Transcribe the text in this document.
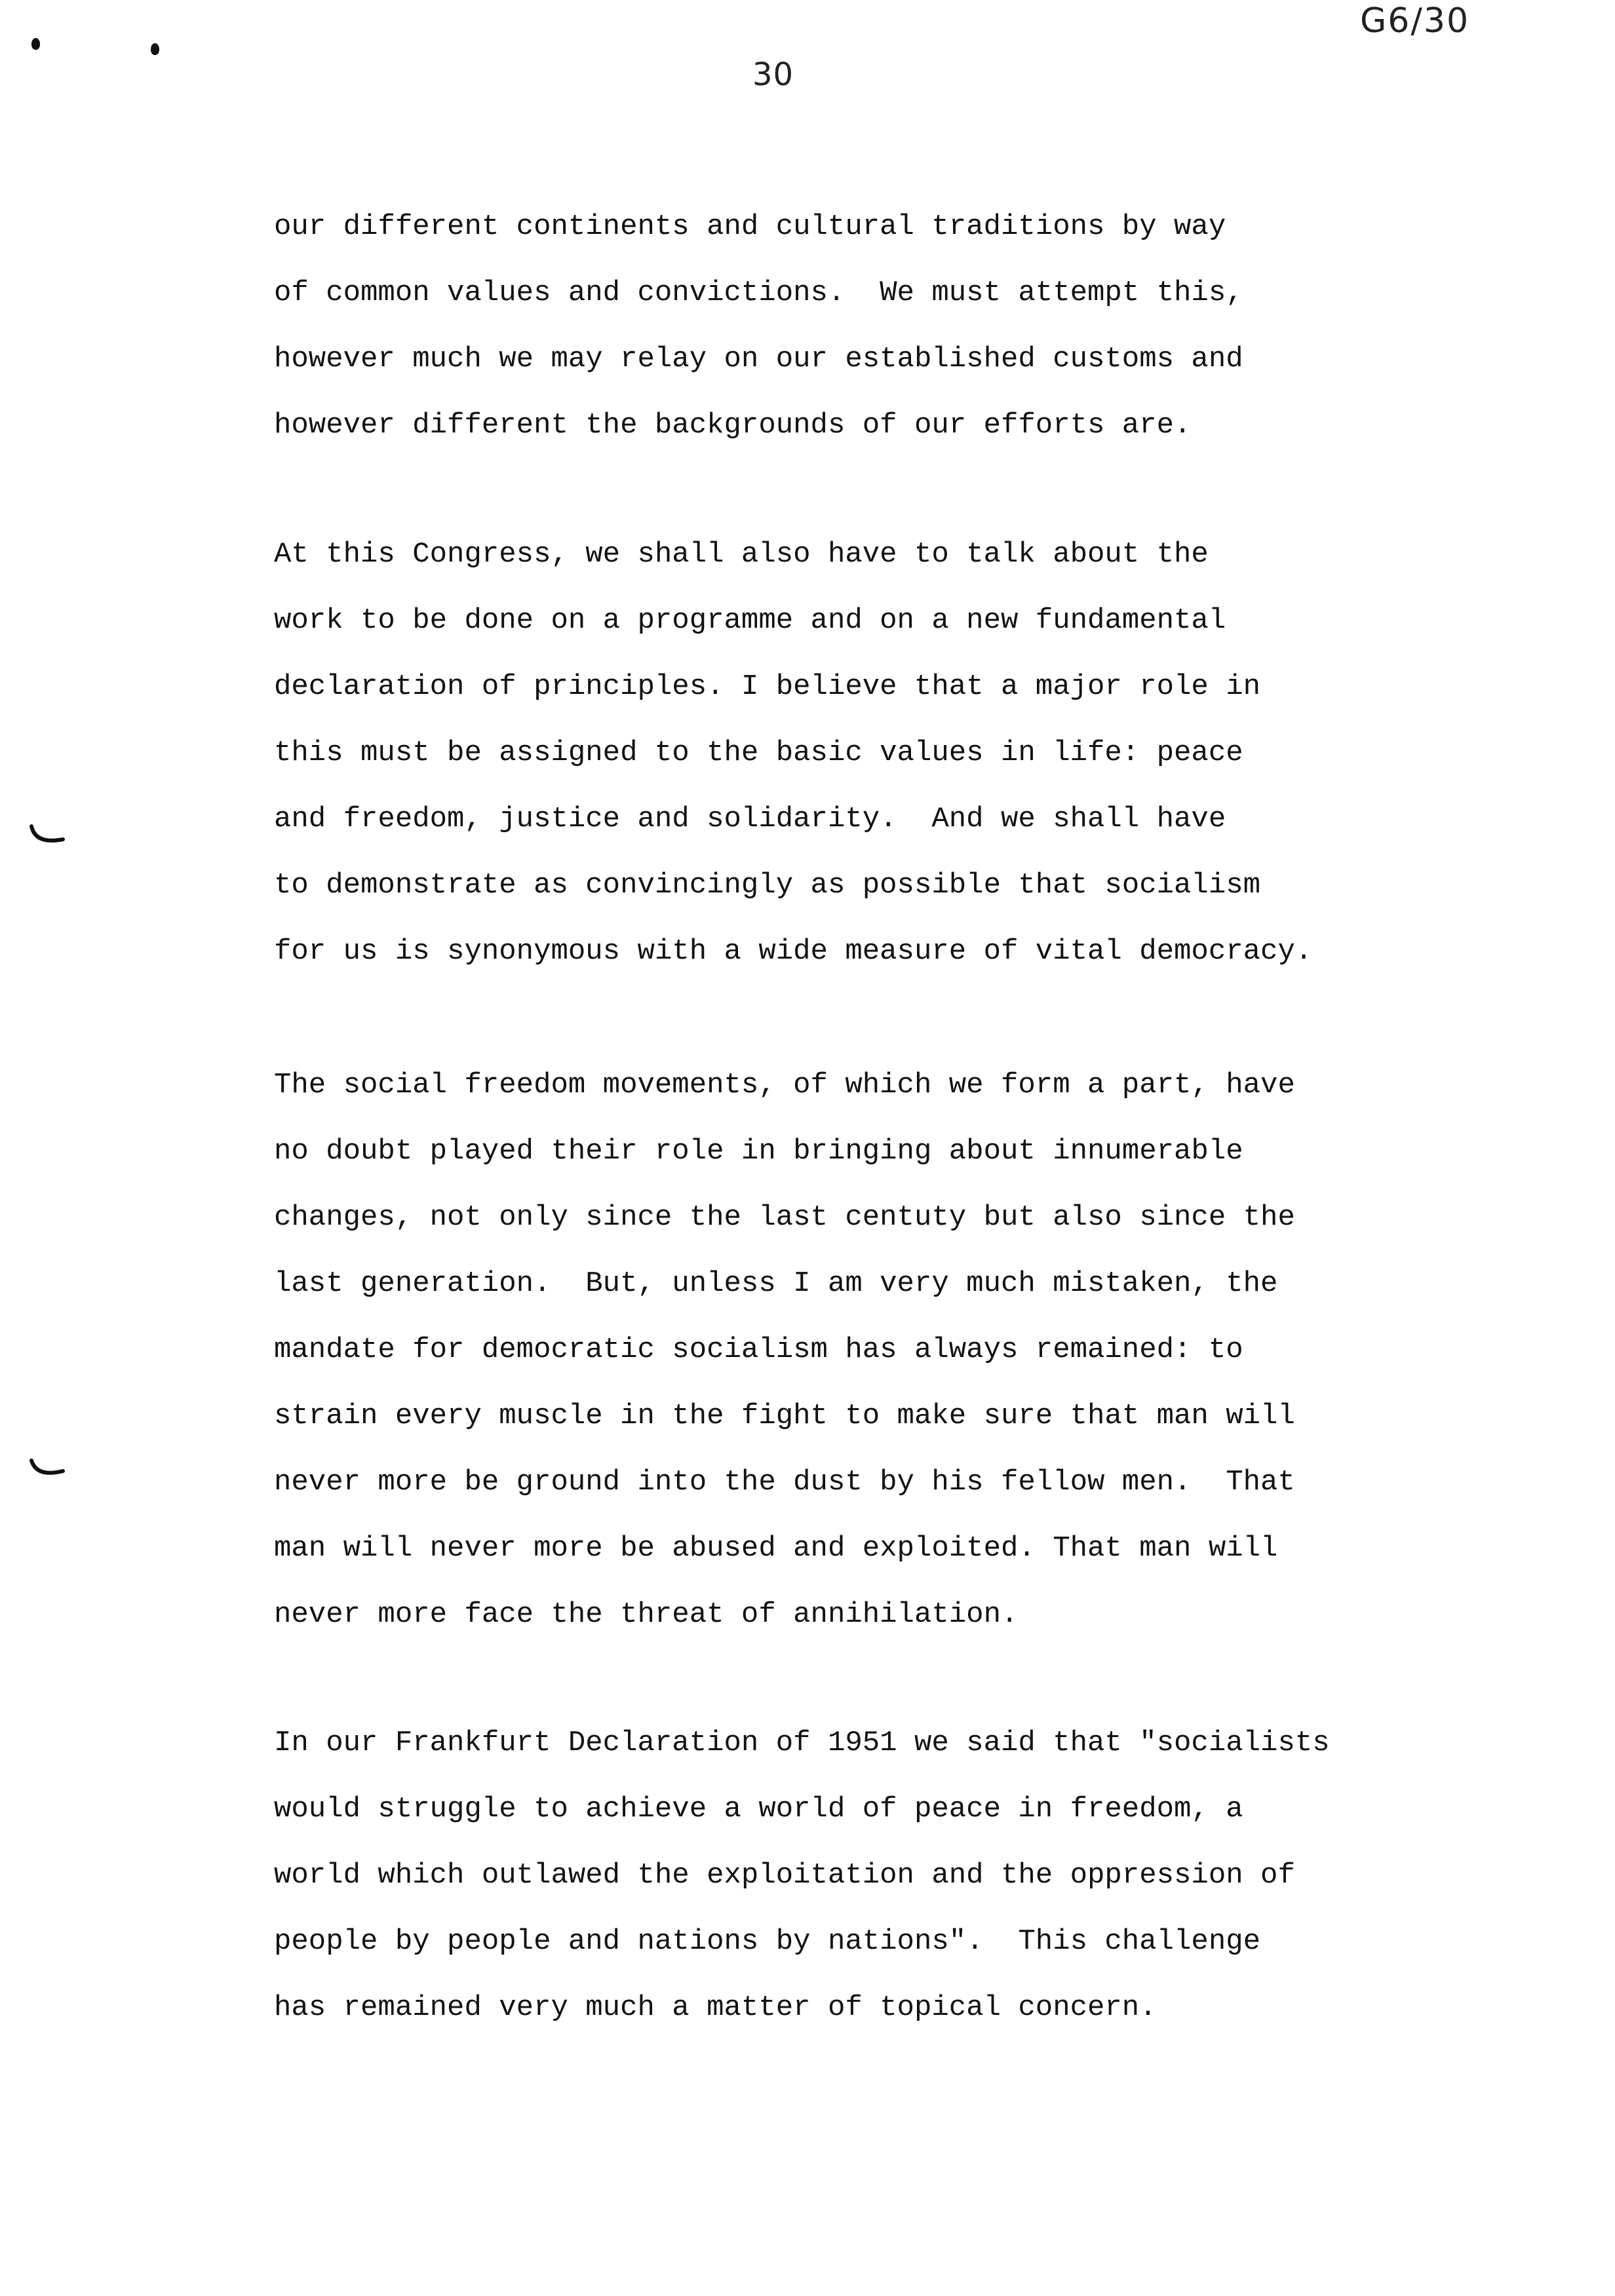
G6/30
30
our different continents and cultural traditions by way
of common values and convictions.  We must attempt this,
however much we may relay on our established customs and
however different the backgrounds of our efforts are.
At this Congress, we shall also have to talk about the
work to be done on a programme and on a new fundamental
declaration of principles. I believe that a major role in
this must be assigned to the basic values in life: peace
and freedom, justice and solidarity.  And we shall have
to demonstrate as convincingly as possible that socialism
for us is synonymous with a wide measure of vital democracy.
The social freedom movements, of which we form a part, have
no doubt played their role in bringing about innumerable
changes, not only since the last centuty but also since the
last generation.  But, unless I am very much mistaken, the
mandate for democratic socialism has always remained: to
strain every muscle in the fight to make sure that man will
never more be ground into the dust by his fellow men.  That
man will never more be abused and exploited. That man will
never more face the threat of annihilation.
In our Frankfurt Declaration of 1951 we said that "socialists
would struggle to achieve a world of peace in freedom, a
world which outlawed the exploitation and the oppression of
people by people and nations by nations".  This challenge
has remained very much a matter of topical concern.
